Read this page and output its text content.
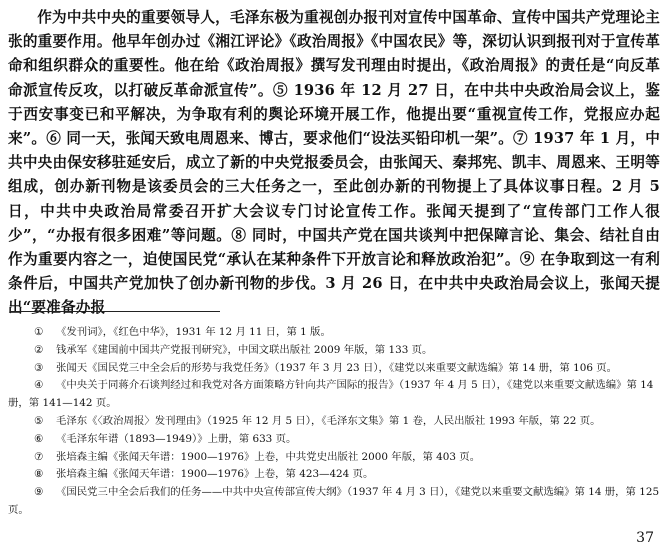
作为中共中央的重要领导人，毛泽东极为重视创办报刊对宣传中国革命、宣传中国共产党理论主张的重要作用。他早年创办过《湘江评论》《政治周报》《中国农民》等，深切认识到报刊对于宣传革命和组织群众的重要性。他在给《政治周报》撰写发刊理由时提出，《政治周报》的责任是“向反革命派宣传反攻，以打破反革命派宣传”。⑤ 1936 年 12 月 27 日，在中共中央政治局会议上，鉴于西安事变已和平解决，为争取有利的舆论环境开展工作，他提出要“重视宣传工作，党报应办起来”。⑥ 同一天，张闻天致电周恩来、博古，要求他们“设法买铅印机一架”。⑦ 1937 年 1 月，中共中央由保安移驻延安后，成立了新的中央党报委员会，由张闻天、秦邦宪、凯丰、周恩来、王明等组成，创办新刊物是该委员会的三大任务之一，至此创办新的刊物提上了具体议事日程。2 月 5 日，中共中央政治局常委召开扩大会议专门讨论宣传工作。张闻天提到了“宣传部门工作人很少”，“办报有很多困难”等问题。⑧ 同时，中国共产党在国共谈判中把保障言论、集会、结社自由作为重要内容之一，迫使国民党“承认在某种条件下开放言论和释放政治犯”。⑨ 在争取到这一有利条件后，中国共产党加快了创办新刊物的步伐。3 月 26 日，在中共中央政治局会议上，张闻天提出“要准备办报

① 《发刊词》，《红色中华》，1931 年 12 月 11 日，第 1 版。
② 钱承军《建国前中国共产党报刊研究》，中国文联出版社 2009 年版，第 133 页。
③ 张闻天《国民党三中全会后的形势与我党任务》（1937 年 3 月 23 日），《建党以来重要文献选编》第 14 册，第 106 页。
④ 《中央关于同蒋介石谈判经过和我党对各方面策略方针向共产国际的报告》（1937 年 4 月 5 日），《建党以来重要文献选编》第 14 册，第 141—142 页。
⑤ 毛泽东《〈政治周报〉发刊理由》（1925 年 12 月 5 日），《毛泽东文集》第 1 卷，人民出版社 1993 年版，第 22 页。
⑥ 《毛泽东年谱（1893—1949）》上册，第 633 页。
⑦ 张培森主编《张闻天年谱：1900—1976》上卷，中共党史出版社 2000 年版，第 403 页。
⑧ 张培森主编《张闻天年谱：1900—1976》上卷，第 423—424 页。
⑨ 《国民党三中全会后我们的任务——中共中央宣传部宣传大纲》（1937 年 4 月 3 日），《建党以来重要文献选编》第 14 册，第 125 页。
37
